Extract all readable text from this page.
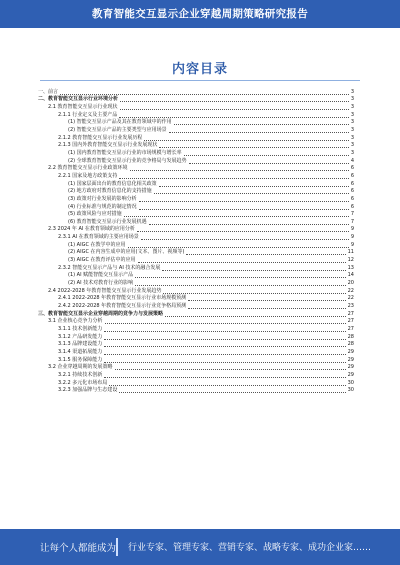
教育智能交互显示企业穿越周期策略研究报告
内容目录
一、前言	3
二、教育智能交互显示行业环境分析	3
2.1 教育智能交互显示行业现状	3
2.1.1 行业定义及主要产品	3
(1) 智能交互显示产品及其在教育领域中的作用	3
(2) 智能交互显示产品的主要类型与应用场景	3
2.1.2 教育智能交互显示行业发展历程	3
2.1.3 国内外教育智能交互显示行业发展现状	3
(1) 国内教育智能交互显示行业的市场规模与增长率	3
(2) 全球教育智能交互显示行业的竞争格局与发展趋势	4
2.2 教育智能交互显示行业政策环境	6
2.2.1 国家及地方政策支持	6
(1) 国家层面出台的教育信息化相关政策	6
(2) 地方政府对教育信息化的支持措施	6
(3) 政策对行业发展的影响分析	6
(4) 行业标准与规范的制定情况	6
(5) 政策风险与应对措施	7
(6) 教育智能交互显示行业发展机遇	7
2.3 2024 年 AI 在教育领域的应用分析	9
2.3.1 AI 在教育领域的主要应用场景	9
(1) AIGC 在教学中的应用	9
(2) AIGC 在内容生成中的应用(文本、图片、视频等)	11
(3) AIGC 在教育评估中的应用	12
2.3.2 智能交互显示产品与 AI 技术的融合发展	13
(1) AI 赋能智能交互显示产品	14
(2) AI 技术对教育行业的影响	20
2.4 2022-2028 年教育智能交互显示行业发展趋势	22
2.4.1 2022-2028 年教育智能交互显示行业市场规模预测	22
2.4.2 2022-2028 年教育智能交互显示行业竞争格局预测	23
三、教育智能交互显示企业穿越周期的竞争力与发展策略	27
3.1 企业核心竞争力分析	27
3.1.1 技术创新能力	27
3.1.2 产品研发能力	28
3.1.3 品牌建设能力	28
3.1.4 渠道拓展能力	29
3.1.5 服务保障能力	29
3.2 企业穿越周期的发展策略	29
3.2.1 持续技术创新	29
3.2.2 多元化市场布局	30
3.2.3 加强品牌与生态建设	30
让每个人都能成为 行业专家、管理专家、营销专家、战略专家、成功企业家……
